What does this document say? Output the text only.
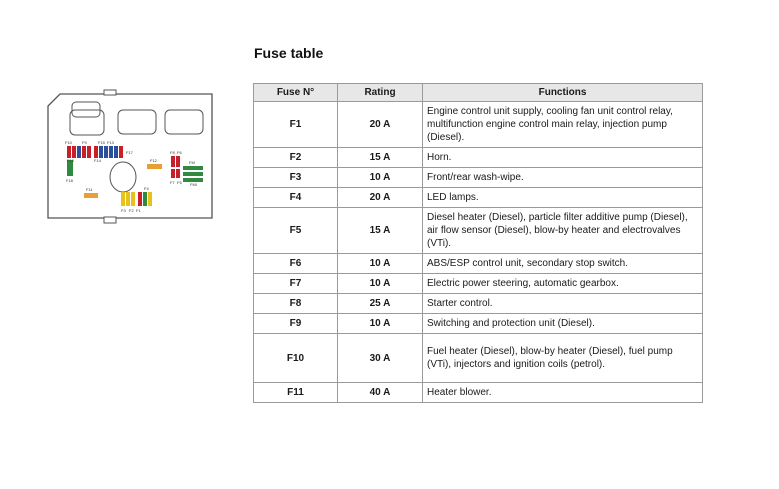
F10	F9	F15 F13
F16	F14
F17
F12
F8 F6
F7 F5
FM
FMI
F18
F11
F3 F2 F1
F4
Fuse table
Fuse N°	Rating	Functions
F1	20 A	Engine control unit supply, cooling fan unit control relay, multifunction engine control main relay, injection pump (Diesel).
F2	15 A	Horn.
F3	10 A	Front/rear wash-wipe.
F4	20 A	LED lamps.
F5	15 A	Diesel heater (Diesel), particle filter additive pump (Diesel), air flow sensor (Diesel), blow-by heater and electrovalves (VTi).
F6	10 A	ABS/ESP control unit, secondary stop switch.
F7	10 A	Electric power steering, automatic gearbox.
F8	25 A	Starter control.
F9	10 A	Switching and protection unit (Diesel).
F10	30 A	Fuel heater (Diesel), blow-by heater (Diesel), fuel pump (VTi), injectors and ignition coils (petrol).
F11	40 A	Heater blower.
